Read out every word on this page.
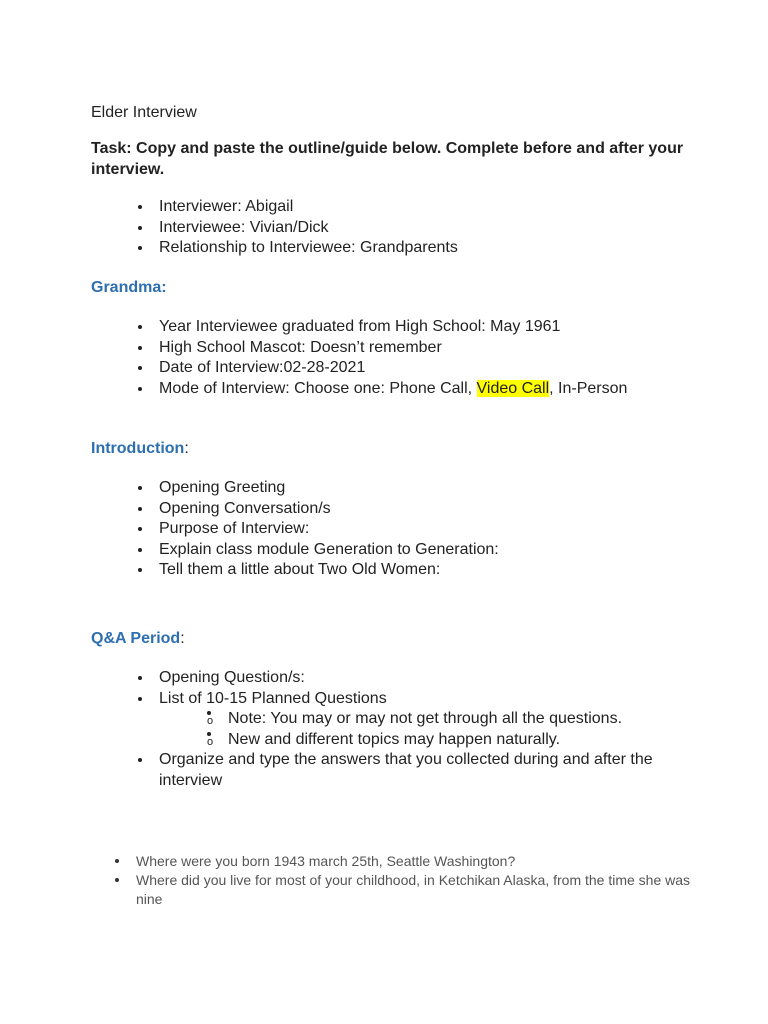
Elder Interview
Task: Copy and paste the outline/guide below. Complete before and after your interview.
Interviewer: Abigail
Interviewee: Vivian/Dick
Relationship to Interviewee: Grandparents
Grandma:
Year Interviewee graduated from High School: May 1961
High School Mascot: Doesn’t remember
Date of Interview:02-28-2021
Mode of Interview: Choose one: Phone Call, Video Call, In-Person
Introduction:
Opening Greeting
Opening Conversation/s
Purpose of Interview:
Explain class module Generation to Generation:
Tell them a little about Two Old Women:
Q&A Period:
Opening Question/s:
List of 10-15 Planned Questions
o Note: You may or may not get through all the questions.
o New and different topics may happen naturally.
Organize and type the answers that you collected during and after the interview
Where were you born 1943 march 25th, Seattle Washington?
Where did you live for most of your childhood, in Ketchikan Alaska, from the time she was nine
